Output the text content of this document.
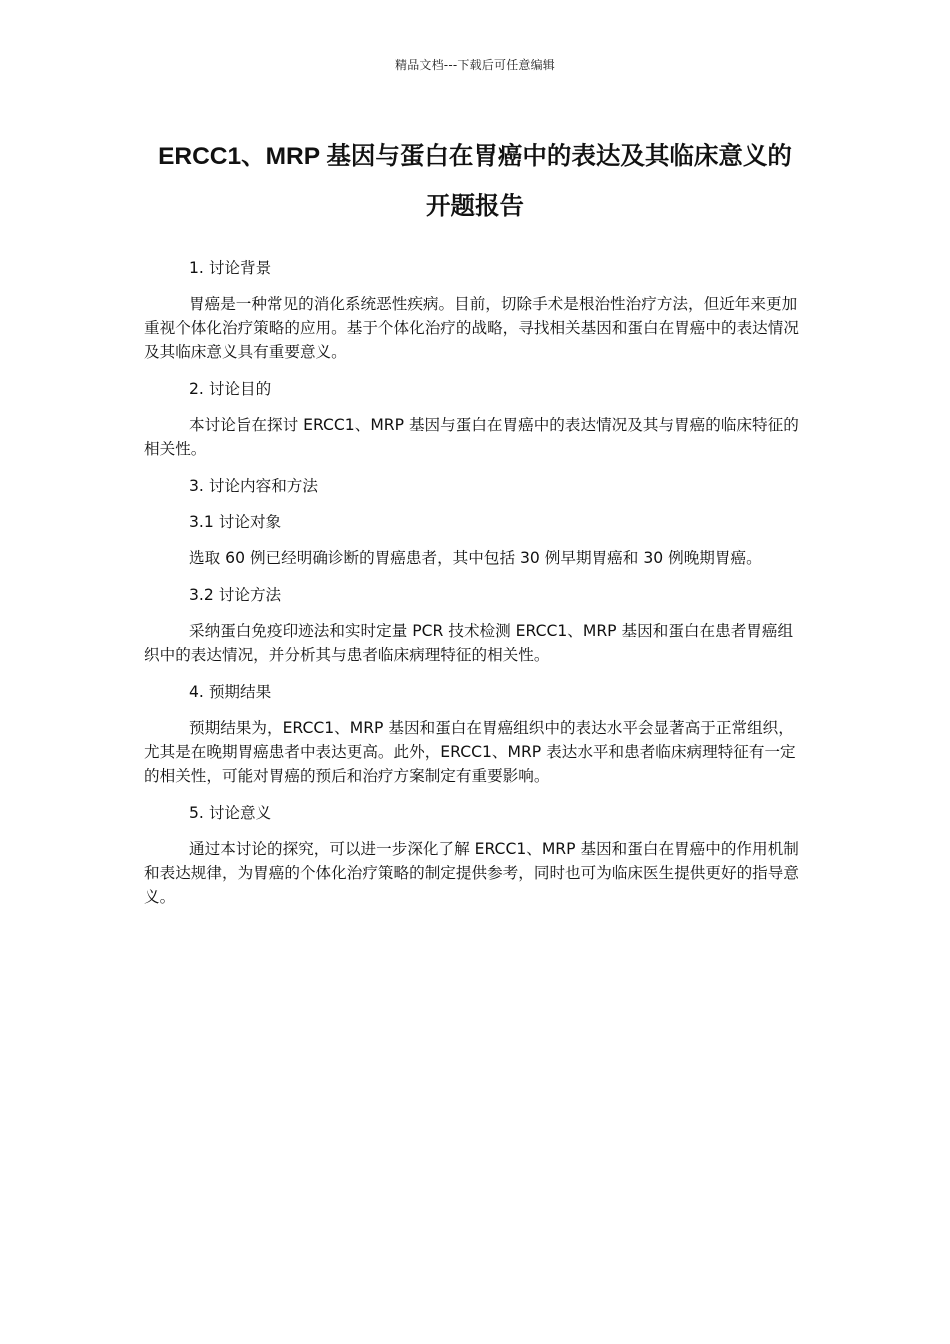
精品文档---下载后可任意编辑
ERCC1、MRP 基因与蛋白在胃癌中的表达及其临床意义的
开题报告

1. 讨论背景

胃癌是一种常见的消化系统恶性疾病。目前，切除手术是根治性治疗方法，但近年来更加重视个体化治疗策略的应用。基于个体化治疗的战略，寻找相关基因和蛋白在胃癌中的表达情况及其临床意义具有重要意义。

2. 讨论目的

本讨论旨在探讨 ERCC1、MRP 基因与蛋白在胃癌中的表达情况及其与胃癌的临床特征的相关性。

3. 讨论内容和方法

3.1 讨论对象

选取 60 例已经明确诊断的胃癌患者，其中包括 30 例早期胃癌和 30 例晚期胃癌。

3.2 讨论方法

采纳蛋白免疫印迹法和实时定量 PCR 技术检测 ERCC1、MRP 基因和蛋白在患者胃癌组织中的表达情况，并分析其与患者临床病理特征的相关性。

4. 预期结果

预期结果为，ERCC1、MRP 基因和蛋白在胃癌组织中的表达水平会显著高于正常组织，尤其是在晚期胃癌患者中表达更高。此外，ERCC1、MRP 表达水平和患者临床病理特征有一定的相关性，可能对胃癌的预后和治疗方案制定有重要影响。

5. 讨论意义

通过本讨论的探究，可以进一步深化了解 ERCC1、MRP 基因和蛋白在胃癌中的作用机制和表达规律，为胃癌的个体化治疗策略的制定提供参考，同时也可为临床医生提供更好的指导意义。
